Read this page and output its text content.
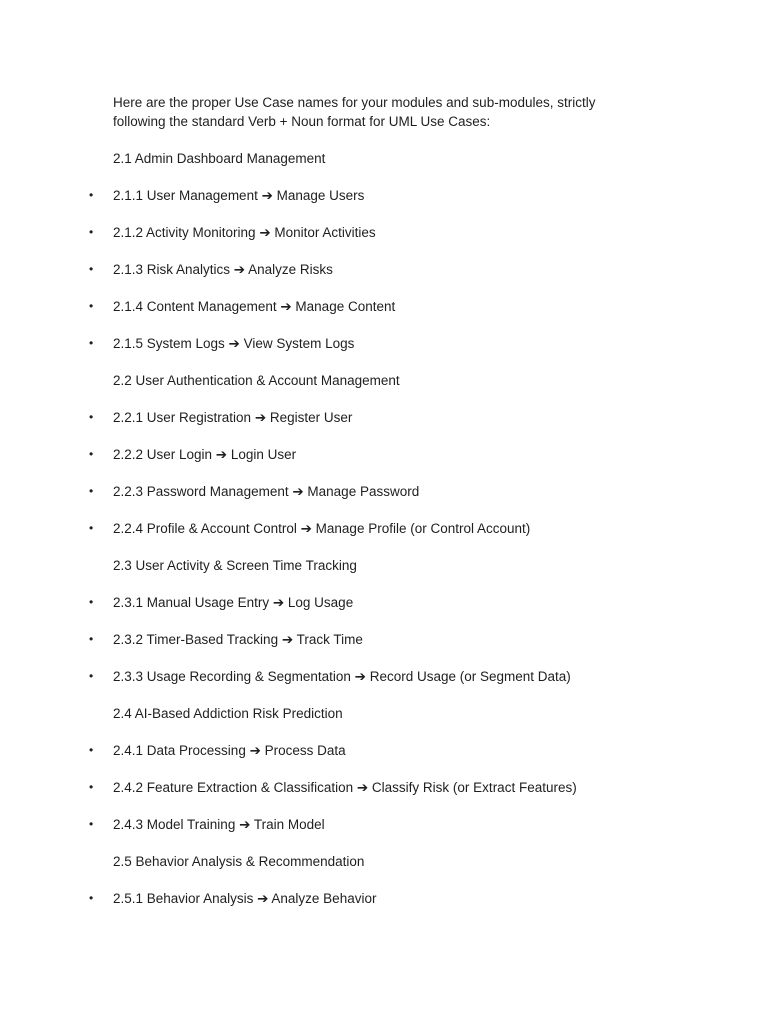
Here are the proper Use Case names for your modules and sub-modules, strictly following the standard Verb + Noun format for UML Use Cases:

2.1 Admin Dashboard Management
• 2.1.1 User Management ➔ Manage Users
• 2.1.2 Activity Monitoring ➔ Monitor Activities
• 2.1.3 Risk Analytics ➔ Analyze Risks
• 2.1.4 Content Management ➔ Manage Content
• 2.1.5 System Logs ➔ View System Logs
2.2 User Authentication & Account Management
• 2.2.1 User Registration ➔ Register User
• 2.2.2 User Login ➔ Login User
• 2.2.3 Password Management ➔ Manage Password
• 2.2.4 Profile & Account Control ➔ Manage Profile (or Control Account)
2.3 User Activity & Screen Time Tracking
• 2.3.1 Manual Usage Entry ➔ Log Usage
• 2.3.2 Timer-Based Tracking ➔ Track Time
• 2.3.3 Usage Recording & Segmentation ➔ Record Usage (or Segment Data)
2.4 AI-Based Addiction Risk Prediction
• 2.4.1 Data Processing ➔ Process Data
• 2.4.2 Feature Extraction & Classification ➔ Classify Risk (or Extract Features)
• 2.4.3 Model Training ➔ Train Model
2.5 Behavior Analysis & Recommendation
• 2.5.1 Behavior Analysis ➔ Analyze Behavior
